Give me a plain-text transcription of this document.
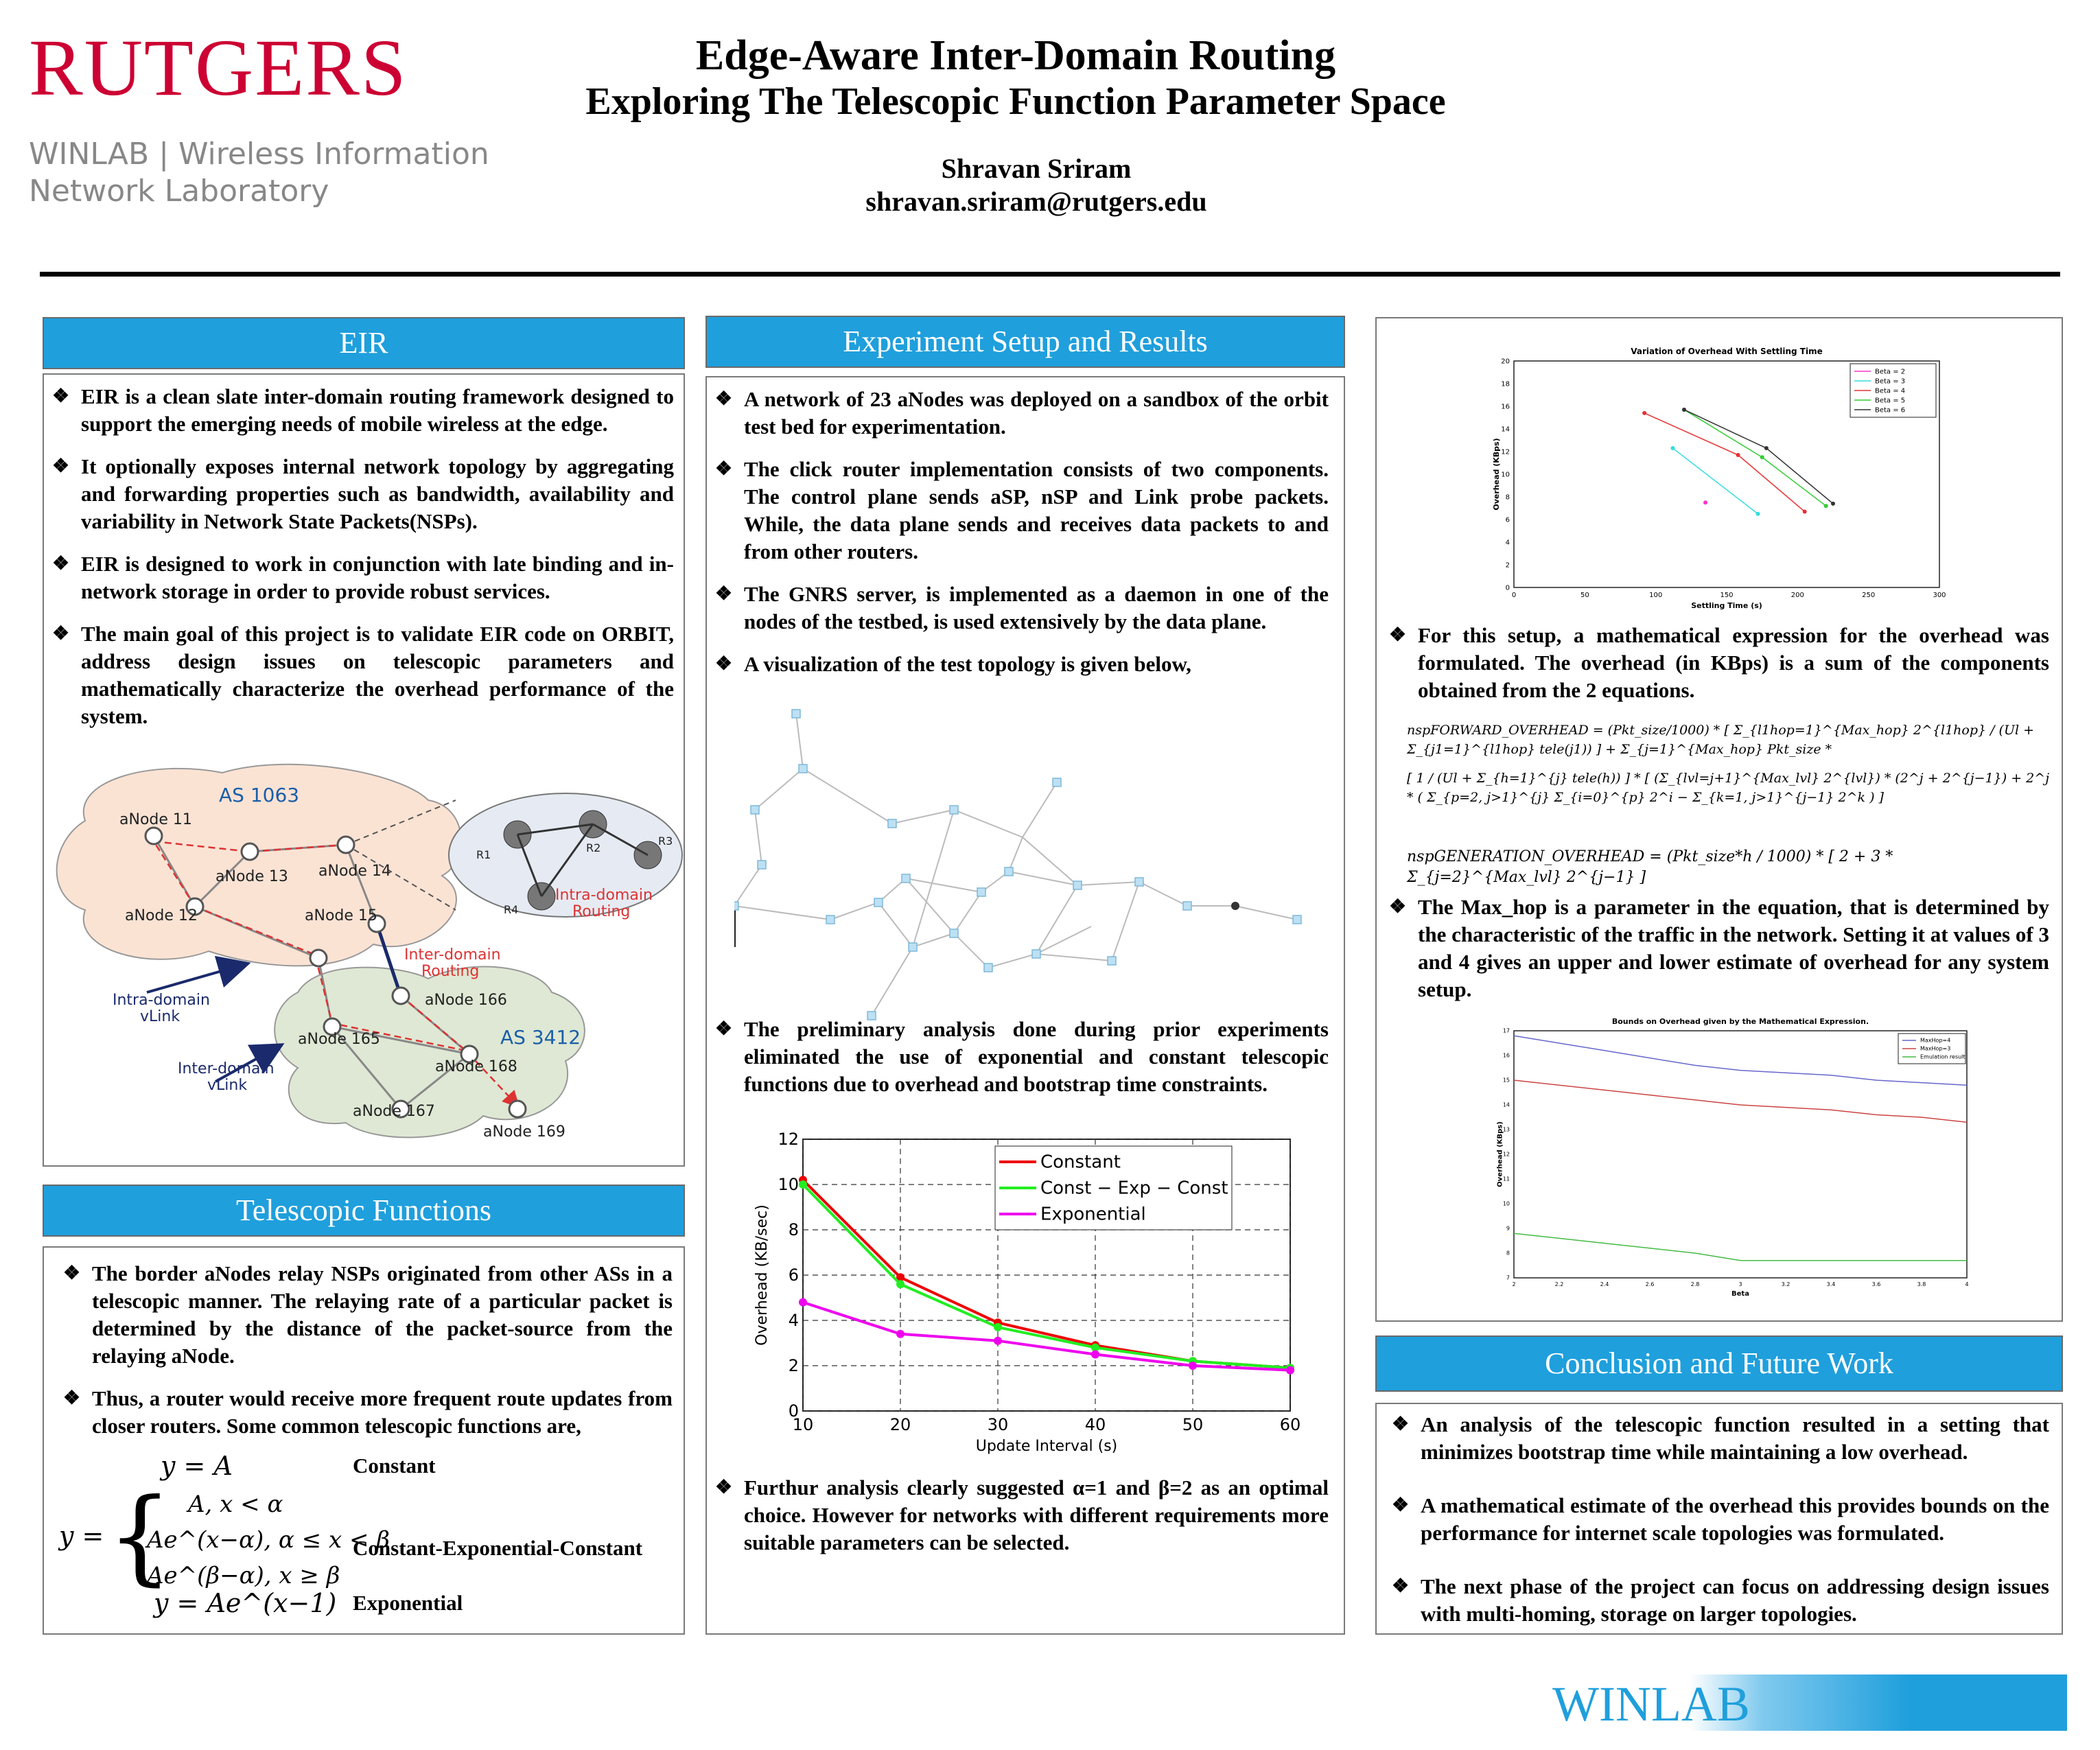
RUTGERS
WINLAB | Wireless Information
Network Laboratory
Edge-Aware Inter-Domain Routing
Exploring The Telescopic Function Parameter Space
Shravan Sriram
shravan.sriram@rutgers.edu
EIR
❖ EIR is a clean slate inter-domain routing framework designed to support the emerging needs of mobile wireless at the edge.
❖ It optionally exposes internal network topology by aggregating and forwarding properties such as bandwidth, availability and variability in Network State Packets(NSPs).
❖ EIR is designed to work in conjunction with late binding and in-network storage in order to provide robust services.
❖ The main goal of this project is to validate EIR code on ORBIT, address design issues on telescopic parameters and mathematically characterize the overhead performance of the system.
aNode 11
aNode 13 aNode 14
aNode 12	aNode 15
aNode 166
aNode 165
aNode 168
aNode 167
aNode 169
AS 1063
AS 3412
R1
R2
R3
R4
Intra-domain Routing
Inter-domain Routing
Intra-domain vLink
Inter-domain vLink
Telescopic Functions
❖ The border aNodes relay NSPs originated from other ASs in a telescopic manner. The relaying rate of a particular packet is determined by the distance of the packet-source from the relaying aNode.
❖ Thus, a router would receive more frequent route updates from closer routers. Some common telescopic functions are,
y = A	Constant
y = { A, x < α
Ae^(x−α), α ≤ x < β
Ae^(β−α), x ≥ β
Constant-Exponential-Constant
y = Ae^(x−1) Exponential
Experiment Setup and Results
❖ A network of 23 aNodes was deployed on a sandbox of the orbit test bed for experimentation.
❖ The click router implementation consists of two components. The control plane sends aSP, nSP and Link probe packets. While, the data plane sends and receives data packets to and from other routers.
❖ The GNRS server, is implemented as a daemon in one of the nodes of the testbed, is used extensively by the data plane.
❖ A visualization of the test topology is given below,
❖ The preliminary analysis done during prior experiments eliminated the use of exponential and constant telescopic functions due to overhead and bootstrap time constraints.
10	20	30	40	50	60
0
2
4
6
8
10
12
Update Interval (s)
Overhead (KB/sec)
Constant
Const − Exp − Const
Exponential
❖ Furthur analysis clearly suggested α=1 and β=2 as an optimal choice. However for networks with different requirements more suitable parameters can be selected.
Variation of Overhead With Settling Time
0	50	100	150	200	250	300
0
2
4
6
8
10
12
14
16
18
20
Settling Time (s)
Overhead (KBps)
Beta = 2
Beta = 3
Beta = 4
Beta = 5
Beta = 6
❖ For this setup, a mathematical expression for the overhead was formulated. The overhead (in KBps) is a sum of the components obtained from the 2 equations.
nspFORWARD_OVERHEAD = (Pkt_size/1000) * [ Σ_{l1hop=1}^{Max_hop} 2^{l1hop} / (Ul + Σ_{j1=1}^{l1hop} tele(j1)) ] + Σ_{j=1}^{Max_hop} Pkt_size *
[ 1 / (Ul + Σ_{h=1}^{j} tele(h)) ] * [ (Σ_{lvl=j+1}^{Max_lvl} 2^{lvl}) * (2^j + 2^{j−1}) + 2^j * ( Σ_{p=2, j>1}^{j} Σ_{i=0}^{p} 2^i − Σ_{k=1, j>1}^{j−1} 2^k ) ]
nspGENERATION_OVERHEAD = (Pkt_size*h / 1000) * [ 2 + 3 * Σ_{j=2}^{Max_lvl} 2^{j−1} ]
❖ The Max_hop is a parameter in the equation, that is determined by the characteristic of the traffic in the network. Setting it at values of 3 and 4 gives an upper and lower estimate of overhead for any system setup.
Bounds on Overhead given by the Mathematical Expression.
2	2.2	2.4	2.6	2.8	3	3.2	3.4	3.6	3.8	4
7
8
9
10
11
12
13
14
15
16
17
Beta
Overhead (KBps)
MaxHop=4
MaxHop=3
Emulation result
Conclusion and Future Work
❖ An analysis of the telescopic function resulted in a setting that minimizes bootstrap time while maintaining a low overhead.
❖ A mathematical estimate of the overhead this provides bounds on the performance for internet scale topologies was formulated.
❖ The next phase of the project can focus on addressing design issues with multi-homing, storage on larger topologies.
WINLAB
